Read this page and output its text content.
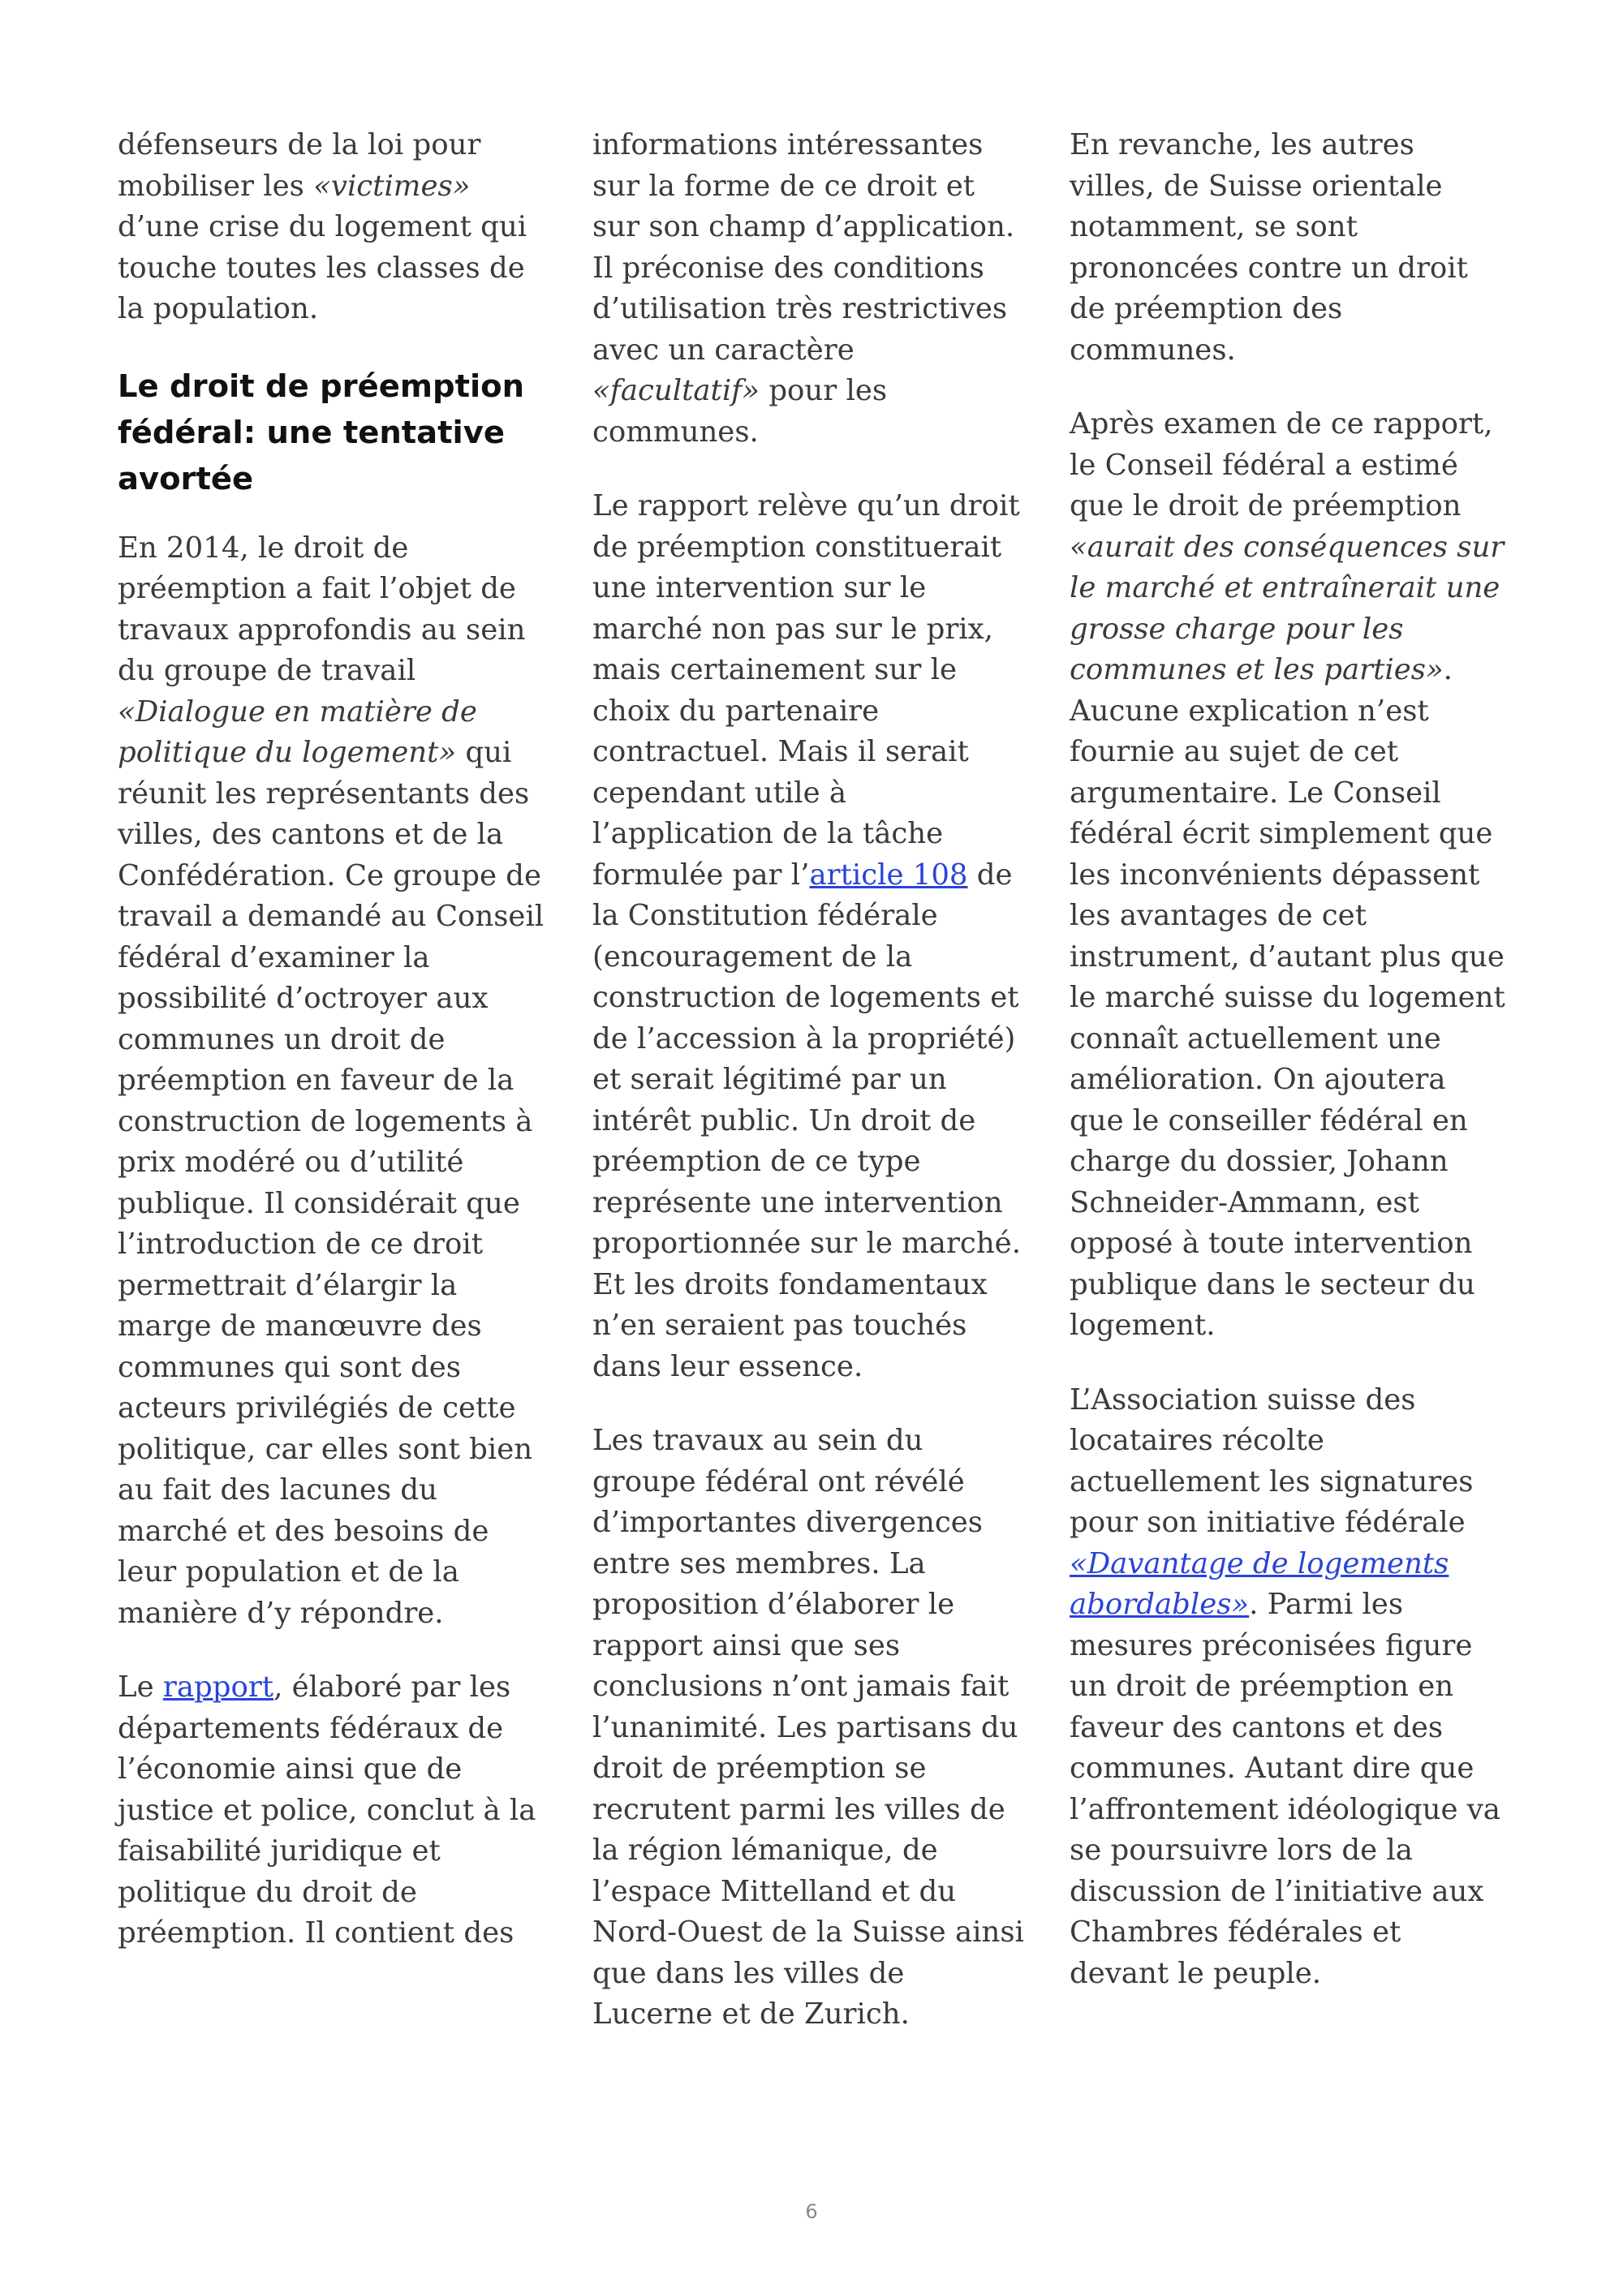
défenseurs de la loi pour mobiliser les «victimes» d’une crise du logement qui touche toutes les classes de la population.

Le droit de préemption fédéral: une tentative avortée

En 2014, le droit de préemption a fait l’objet de travaux approfondis au sein du groupe de travail «Dialogue en matière de politique du logement» qui réunit les représentants des villes, des cantons et de la Confédération. Ce groupe de travail a demandé au Conseil fédéral d’examiner la possibilité d’octroyer aux communes un droit de préemption en faveur de la construction de logements à prix modéré ou d’utilité publique. Il considérait que l’introduction de ce droit permettrait d’élargir la marge de manœuvre des communes qui sont des acteurs privilégiés de cette politique, car elles sont bien au fait des lacunes du marché et des besoins de leur population et de la manière d’y répondre.

Le rapport, élaboré par les départements fédéraux de l’économie ainsi que de justice et police, conclut à la faisabilité juridique et politique du droit de préemption. Il contient des

informations intéressantes sur la forme de ce droit et sur son champ d’application. Il préconise des conditions d’utilisation très restrictives avec un caractère «facultatif» pour les communes.

Le rapport relève qu’un droit de préemption constituerait une intervention sur le marché non pas sur le prix, mais certainement sur le choix du partenaire contractuel. Mais il serait cependant utile à l’application de la tâche formulée par l’article 108 de la Constitution fédérale (encouragement de la construction de logements et de l’accession à la propriété) et serait légitimé par un intérêt public. Un droit de préemption de ce type représente une intervention proportionnée sur le marché. Et les droits fondamentaux n’en seraient pas touchés dans leur essence.

Les travaux au sein du groupe fédéral ont révélé d’importantes divergences entre ses membres. La proposition d’élaborer le rapport ainsi que ses conclusions n’ont jamais fait l’unanimité. Les partisans du droit de préemption se recrutent parmi les villes de la région lémanique, de l’espace Mittelland et du Nord-Ouest de la Suisse ainsi que dans les villes de Lucerne et de Zurich.

En revanche, les autres villes, de Suisse orientale notamment, se sont prononcées contre un droit de préemption des communes.

Après examen de ce rapport, le Conseil fédéral a estimé que le droit de préemption «aurait des conséquences sur le marché et entraînerait une grosse charge pour les communes et les parties». Aucune explication n’est fournie au sujet de cet argumentaire. Le Conseil fédéral écrit simplement que les inconvénients dépassent les avantages de cet instrument, d’autant plus que le marché suisse du logement connaît actuellement une amélioration. On ajoutera que le conseiller fédéral en charge du dossier, Johann Schneider-Ammann, est opposé à toute intervention publique dans le secteur du logement.

L’Association suisse des locataires récolte actuellement les signatures pour son initiative fédérale «Davantage de logements abordables». Parmi les mesures préconisées figure un droit de préemption en faveur des cantons et des communes. Autant dire que l’affrontement idéologique va se poursuivre lors de la discussion de l’initiative aux Chambres fédérales et devant le peuple.

6
